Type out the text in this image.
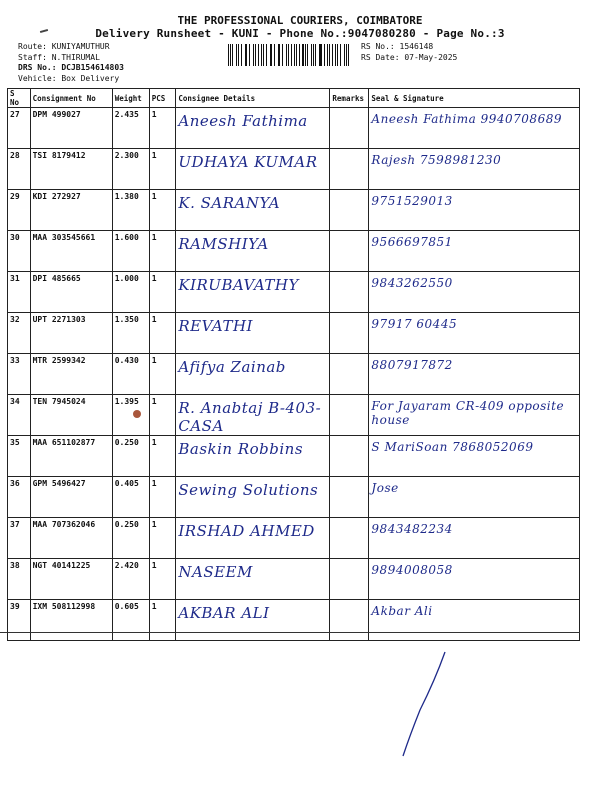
THE PROFESSIONAL COURIERS, COIMBATORE
Delivery Runsheet - KUNI - Phone No.:9047080280 - Page No.:3
Route: KUNIYAMUTHUR
Staff: N.THIRUMAL
DRS No.: DCJB154614803
Vehicle: Box Delivery
RS No.: 1546148
RS Date: 07-May-2025
S No	Consignment No	Weight	PCS	Consignee Details	Remarks	Seal & Signature
27	DPM 499027	2.435	1	Aneesh Fathima		Aneesh Fathima 9940708689
28	TSI 8179412	2.300	1	UDHAYA KUMAR		Rajesh 7598981230
29	KDI 272927	1.380	1	K. SARANYA		9751529013
30	MAA 303545661	1.600	1	RAMSHIYA		9566697851
31	DPI 485665	1.000	1	KIRUBAVATHY		9843262550
32	UPT 2271303	1.350	1	REVATHI		97917 60445
33	MTR 2599342	0.430	1	Afifya Zainab		8807917872
34	TEN 7945024	1.395	1	R. Anabtaj B-403-CASA		For Jayaram CR-409 opposite house
35	MAA 651102877	0.250	1	Baskin Robbins		S MariSoan 7868052069
36	GPM 5496427	0.405	1	Sewing Solutions		Jose
37	MAA 707362046	0.250	1	IRSHAD AHMED		9843482234
38	NGT 40141225	2.420	1	NASEEM		9894008058
39	IXM 508112998	0.605	1	AKBAR ALI		Akbar Ali
